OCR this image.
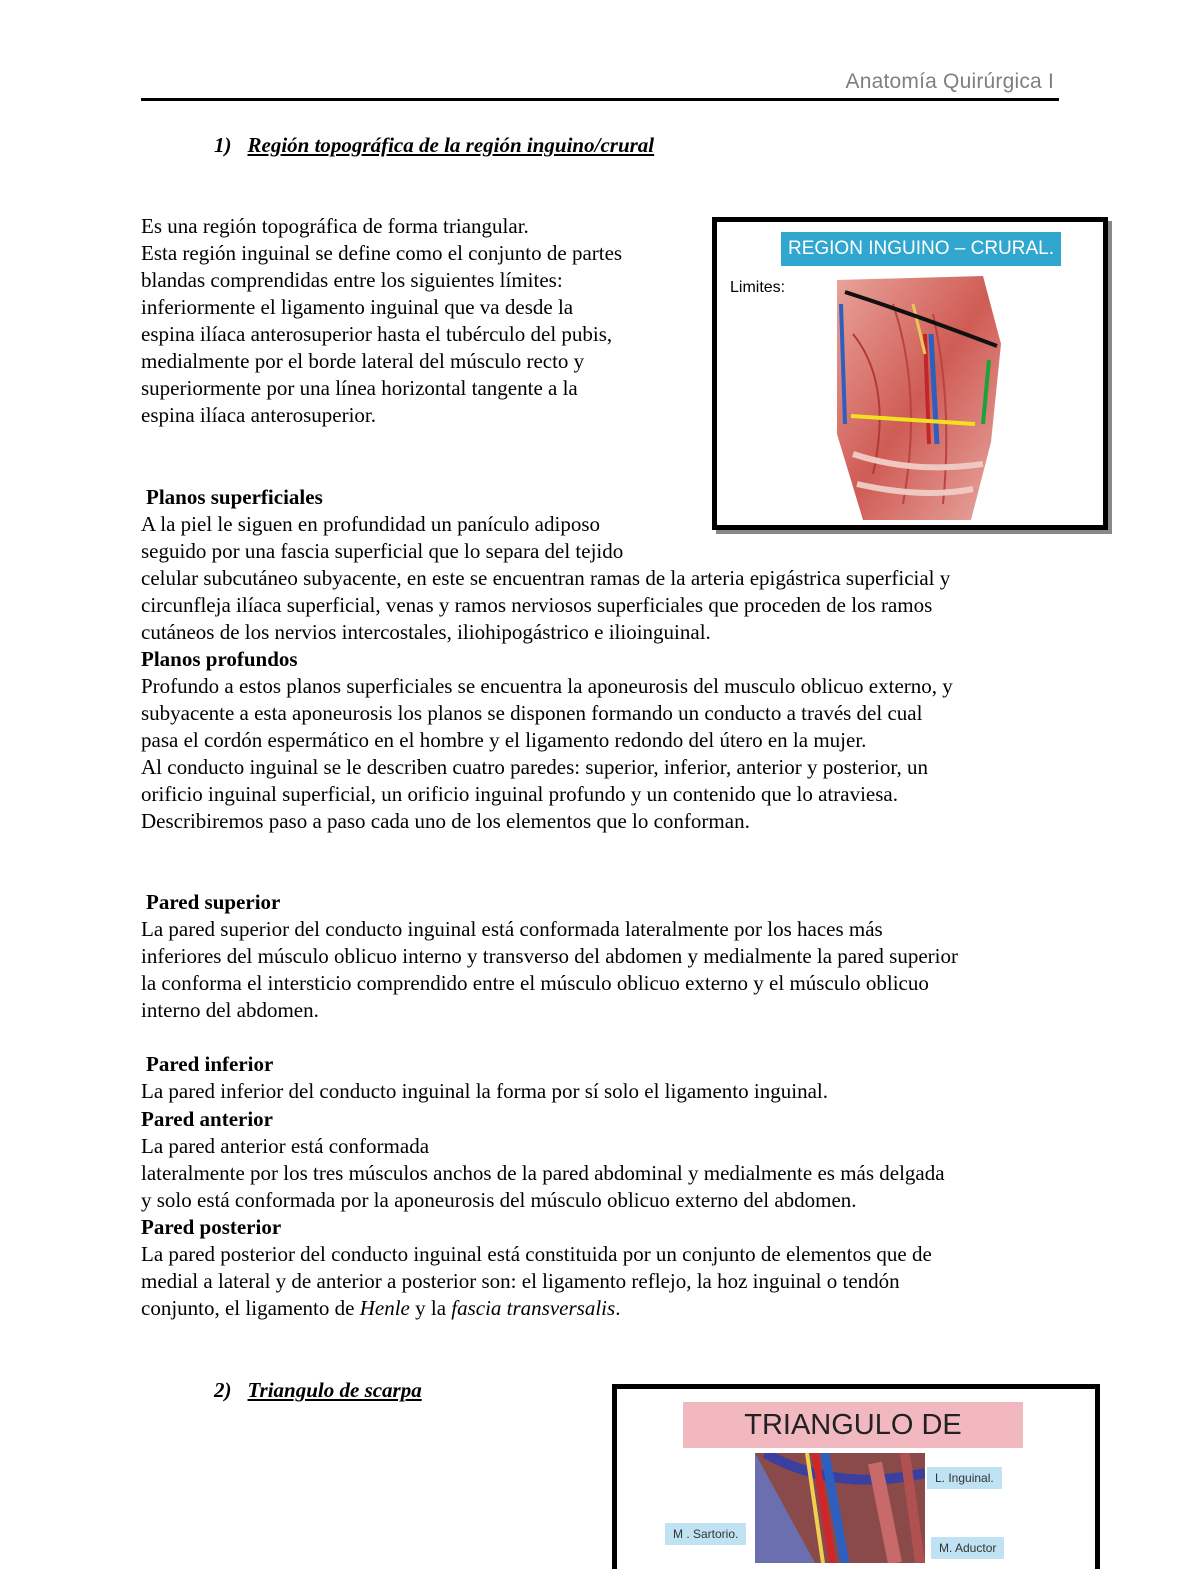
Anatomía Quirúrgica I
1) Región topográfica de la región inguino/crural
Es una región topográfica de forma triangular.
Esta región inguinal se define como el conjunto de partes
blandas comprendidas entre los siguientes límites:
inferiormente el ligamento inguinal que va desde la
espina ilíaca anterosuperior hasta el tubérculo del pubis,
medialmente por el borde lateral del músculo recto y
superiormente por una línea horizontal tangente a la
espina ilíaca anterosuperior.
REGION INGUINO – CRURAL.
Limites:
Planos superficiales
A la piel le siguen en profundidad un panículo adiposo
seguido por una fascia superficial que lo separa del tejido
celular subcutáneo subyacente, en este se encuentran ramas de la arteria epigástrica superficial y
circunfleja ilíaca superficial, venas y ramos nerviosos superficiales que proceden de los ramos
cutáneos de los nervios intercostales, iliohipogástrico e ilioinguinal.
Planos profundos
Profundo a estos planos superficiales se encuentra la aponeurosis del musculo oblicuo externo, y
subyacente a esta aponeurosis los planos se disponen formando un conducto a través del cual
pasa el cordón espermático en el hombre y el ligamento redondo del útero en la mujer.
Al conducto inguinal se le describen cuatro paredes: superior, inferior, anterior y posterior, un
orificio inguinal superficial, un orificio inguinal profundo y un contenido que lo atraviesa.
Describiremos paso a paso cada uno de los elementos que lo conforman.
Pared superior
La pared superior del conducto inguinal está conformada lateralmente por los haces más
inferiores del músculo oblicuo interno y transverso del abdomen y medialmente la pared superior
la conforma el intersticio comprendido entre el músculo oblicuo externo y el músculo oblicuo
interno del abdomen.
Pared inferior
La pared inferior del conducto inguinal la forma por sí solo el ligamento inguinal.
Pared anterior
La pared anterior está conformada
lateralmente por los tres músculos anchos de la pared abdominal y medialmente es más delgada
y solo está conformada por la aponeurosis del músculo oblicuo externo del abdomen.
Pared posterior
La pared posterior del conducto inguinal está constituida por un conjunto de elementos que de
medial a lateral y de anterior a posterior son: el ligamento reflejo, la hoz inguinal o tendón
conjunto, el ligamento de Henle y la fascia transversalis.
2) Triangulo de scarpa
TRIANGULO DE
L. Inguinal.
M . Sartorio.
M. Aductor
